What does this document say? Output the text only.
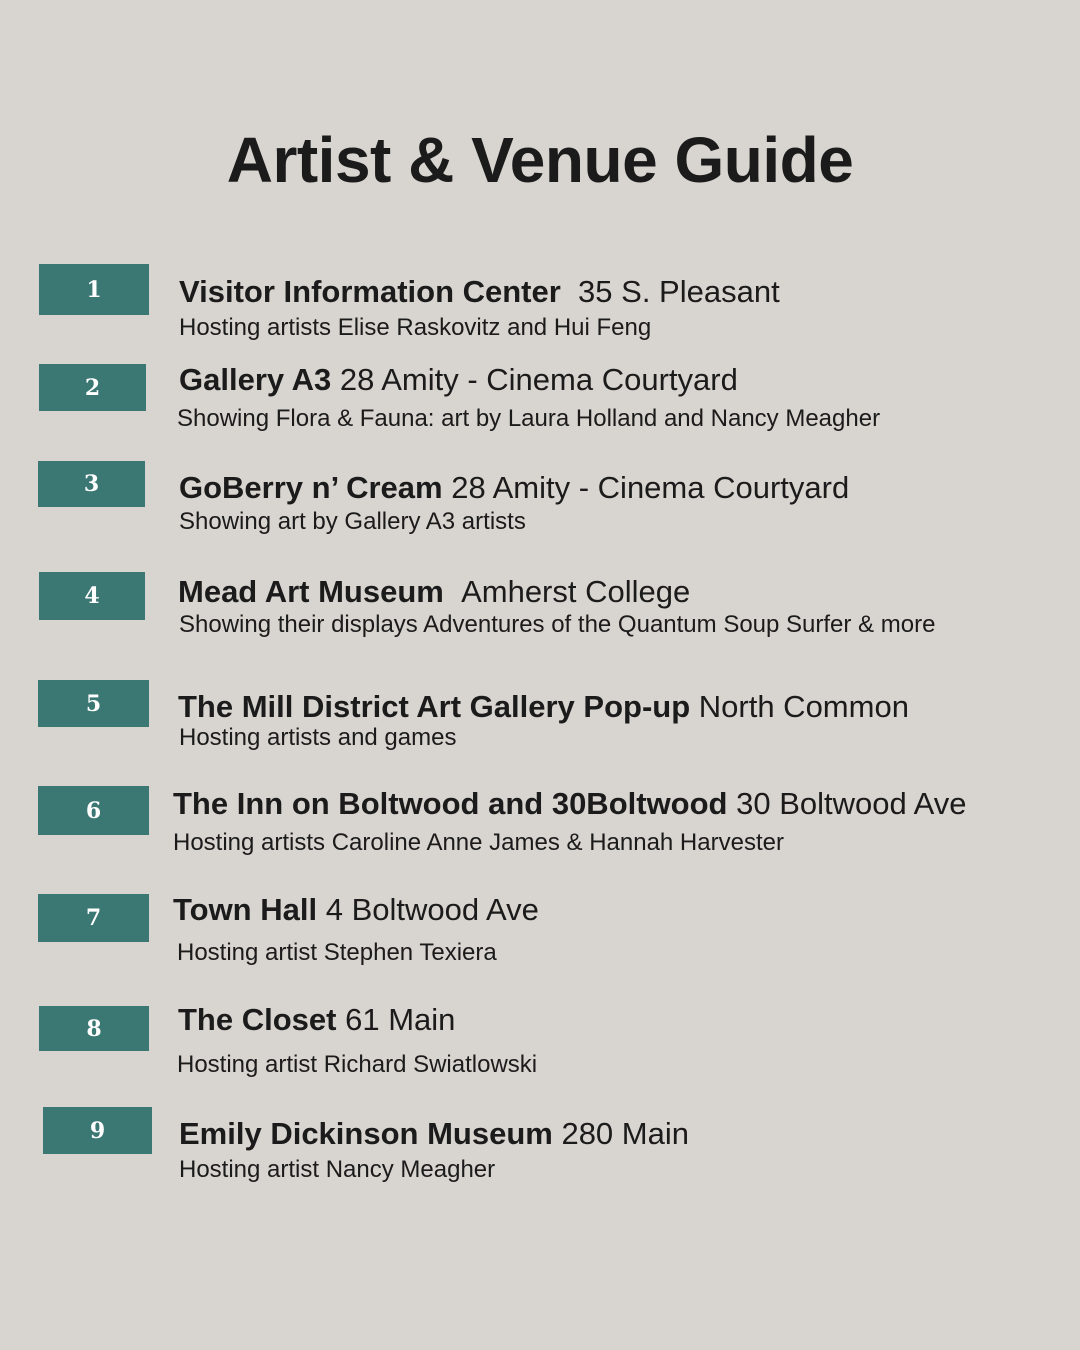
Artist & Venue Guide
1	Visitor Information Center 35 S. Pleasant

Hosting artists Elise Raskovitz and Hui Feng

2	Gallery A3 28 Amity - Cinema Courtyard

Showing Flora & Fauna: art by Laura Holland and Nancy Meagher

3	GoBerry n’ Cream 28 Amity - Cinema Courtyard

Showing art by Gallery A3 artists

4	Mead Art Museum Amherst College

Showing their displays Adventures of the Quantum Soup Surfer & more

5	The Mill District Art Gallery Pop-up North Common

Hosting artists and games

6	The Inn on Boltwood and 30Boltwood 30 Boltwood Ave

Hosting artists Caroline Anne James & Hannah Harvester

7	Town Hall 4 Boltwood Ave

Hosting artist Stephen Texiera

8	The Closet 61 Main

Hosting artist Richard Swiatlowski

9	Emily Dickinson Museum 280 Main

Hosting artist Nancy Meagher
